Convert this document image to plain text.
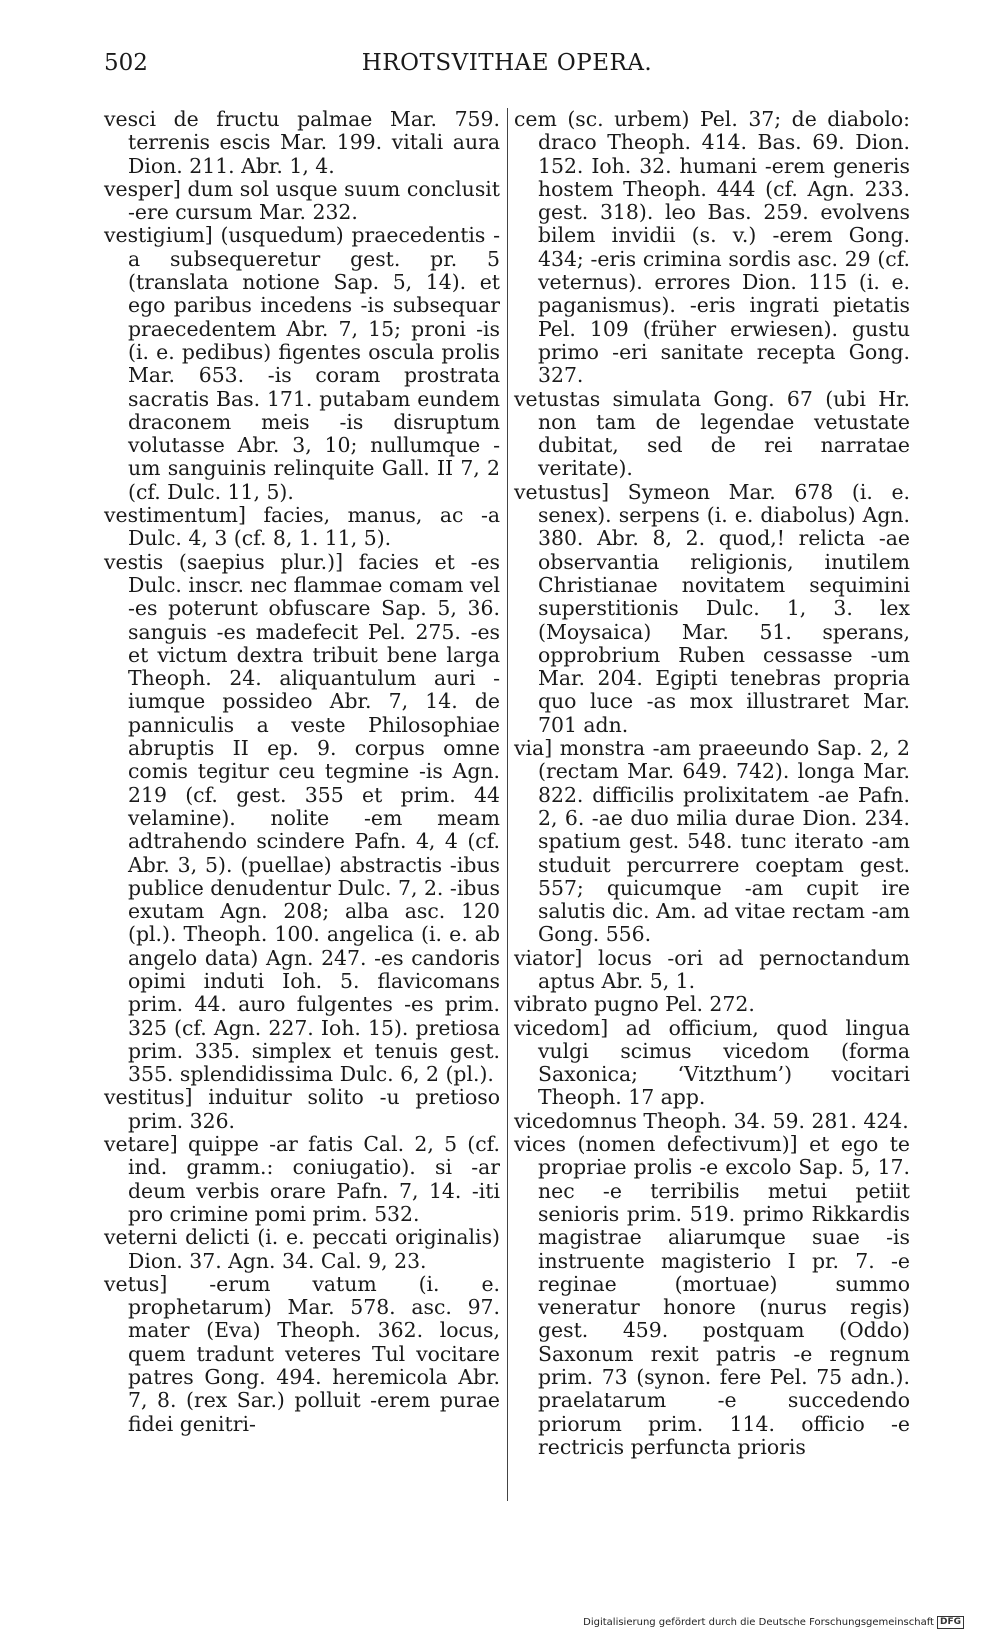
502	HROTSVITHAE OPERA.
vesci de fructu palmae Mar. 759. terrenis escis Mar. 199. vitali aura Dion. 211. Abr. 1, 4.
vesper] dum sol usque suum conclusit -ere cursum Mar. 232.
vestigium] (usquedum) praecedentis -a subsequeretur gest. pr. 5 (translata notione Sap. 5, 14). et ego paribus incedens -is subsequar praecedentem Abr. 7, 15; proni -is (i. e. pedibus) figentes oscula prolis Mar. 653. -is coram prostrata sacratis Bas. 171. putabam eundem draconem meis -is disruptum volutasse Abr. 3, 10; nullumque -um sanguinis relinquite Gall. II 7, 2 (cf. Dulc. 11, 5).
vestimentum] facies, manus, ac -a Dulc. 4, 3 (cf. 8, 1. 11, 5).
vestis (saepius plur.)] facies et -es Dulc. inscr. nec flammae comam vel -es poterunt obfuscare Sap. 5, 36. sanguis -es madefecit Pel. 275. -es et victum dextra tribuit bene larga Theoph. 24. aliquantulum auri -iumque possideo Abr. 7, 14. de panniculis a veste Philosophiae abruptis II ep. 9. corpus omne comis tegitur ceu tegmine -is Agn. 219 (cf. gest. 355 et prim. 44 velamine). nolite -em meam adtrahendo scindere Pafn. 4, 4 (cf. Abr. 3, 5). (puellae) abstractis -ibus publice denudentur Dulc. 7, 2. -ibus exutam Agn. 208; alba asc. 120 (pl.). Theoph. 100. angelica (i. e. ab angelo data) Agn. 247. -es candoris opimi induti Ioh. 5. flavicomans prim. 44. auro fulgentes -es prim. 325 (cf. Agn. 227. Ioh. 15). pretiosa prim. 335. simplex et tenuis gest. 355. splendidissima Dulc. 6, 2 (pl.).
vestitus] induitur solito -u pretioso prim. 326.
vetare] quippe -ar fatis Cal. 2, 5 (cf. ind. gramm.: coniugatio). si -ar deum verbis orare Pafn. 7, 14. -iti pro crimine pomi prim. 532.
veterni delicti (i. e. peccati originalis) Dion. 37. Agn. 34. Cal. 9, 23.
vetus] -erum vatum (i. e. prophetarum) Mar. 578. asc. 97. mater (Eva) Theoph. 362. locus, quem tradunt veteres Tul vocitare patres Gong. 494. heremicola Abr. 7, 8. (rex Sar.) polluit -erem purae fidei genitri-
cem (sc. urbem) Pel. 37; de diabolo: draco Theoph. 414. Bas. 69. Dion. 152. Ioh. 32. humani -erem generis hostem Theoph. 444 (cf. Agn. 233. gest. 318). leo Bas. 259. evolvens bilem invidii (s. v.) -erem Gong. 434; -eris crimina sordis asc. 29 (cf. veternus). errores Dion. 115 (i. e. paganismus). -eris ingrati pietatis Pel. 109 (früher erwiesen). gustu primo -eri sanitate recepta Gong. 327.
vetustas simulata Gong. 67 (ubi Hr. non tam de legendae vetustate dubitat, sed de rei narratae veritate).
vetustus] Symeon Mar. 678 (i. e. senex). serpens (i. e. diabolus) Agn. 380. Abr. 8, 2. quod,! relicta -ae observantia religionis, inutilem Christianae novitatem sequimini superstitionis Dulc. 1, 3. lex (Moysaica) Mar. 51. sperans, opprobrium Ruben cessasse -um Mar. 204. Egipti tenebras propria quo luce -as mox illustraret Mar. 701 adn.
via] monstra -am praeeundo Sap. 2, 2 (rectam Mar. 649. 742). longa Mar. 822. difficilis prolixitatem -ae Pafn. 2, 6. -ae duo milia durae Dion. 234. spatium gest. 548. tunc iterato -am studuit percurrere coeptam gest. 557; quicumque -am cupit ire salutis dic. Am. ad vitae rectam -am Gong. 556.
viator] locus -ori ad pernoctandum aptus Abr. 5, 1.
vibrato pugno Pel. 272.
vicedom] ad officium, quod lingua vulgi scimus vicedom (forma Saxonica; ‘Vitzthum’) vocitari Theoph. 17 app.
vicedomnus Theoph. 34. 59. 281. 424.
vices (nomen defectivum)] et ego te propriae prolis -e excolo Sap. 5, 17. nec -e terribilis metui petiit senioris prim. 519. primo Rikkardis magistrae aliarumque suae -is instruente magisterio I pr. 7. -e reginae (mortuae) summo veneratur honore (nurus regis) gest. 459. postquam (Oddo) Saxonum rexit patris -e regnum prim. 73 (synon. fere Pel. 75 adn.). praelatarum -e succedendo priorum prim. 114. officio -e rectricis perfuncta prioris
Digitalisierung gefördert durch die Deutsche Forschungsgemeinschaft DFG
